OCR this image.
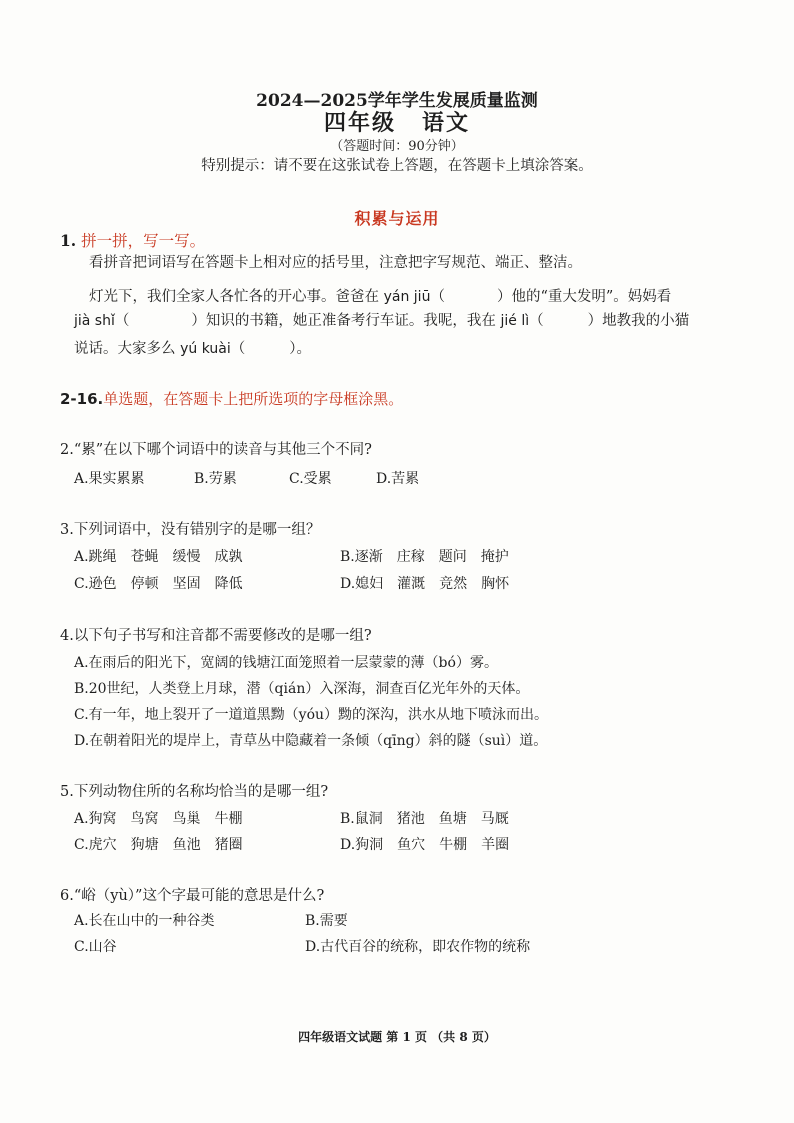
2024—2025学年学生发展质量监测
四年级 语文
（答题时间：90分钟）
特别提示：请不要在这张试卷上答题，在答题卡上填涂答案。
积累与运用
1. 拼一拼，写一写。
看拼音把词语写在答题卡上相对应的括号里，注意把字写规范、端正、整洁。
灯光下，我们全家人各忙各的开心事。爸爸在 yán jiū（	）他的“重大发明”。妈妈看
jià shǐ（	）知识的书籍，她正准备考行车证。我呢，我在 jié lì（	）地教我的小猫
说话。大家多么 yú kuài（	）。
2-16.单选题，在答题卡上把所选项的字母框涂黑。
2.“累”在以下哪个词语中的读音与其他三个不同?
A.果实累累	B.劳累	C.受累	D.苦累
3.下列词语中，没有错别字的是哪一组？
A.跳绳　苍蝇　缓慢　成孰	B.逐渐　庄稼　题问　掩护
C.逊色　停顿　坚固　降低	D.媳妇　灌溉　竞然　胸怀
4.以下句子书写和注音都不需要修改的是哪一组?
A.在雨后的阳光下，宽阔的钱塘江面笼照着一层蒙蒙的薄（bó）雾。
B.20世纪，人类登上月球，潜（qián）入深海，洞查百亿光年外的天体。
C.有一年，地上裂开了一道道黑黝（yóu）黝的深沟，洪水从地下喷泳而出。
D.在朝着阳光的堤岸上，青草丛中隐藏着一条倾（qīng）斜的隧（suì）道。
5.下列动物住所的名称均恰当的是哪一组?
A.狗窝　鸟窝　鸟巢　牛棚	B.鼠洞　猪池　鱼塘　马厩
C.虎穴　狗塘　鱼池　猪圈	D.狗洞　鱼穴　牛棚　羊圈
6.“峪（yù）”这个字最可能的意思是什么?
A.长在山中的一种谷类	B.需要
C.山谷	D.古代百谷的统称，即农作物的统称
四年级语文试题 第 1 页 （共 8 页）
